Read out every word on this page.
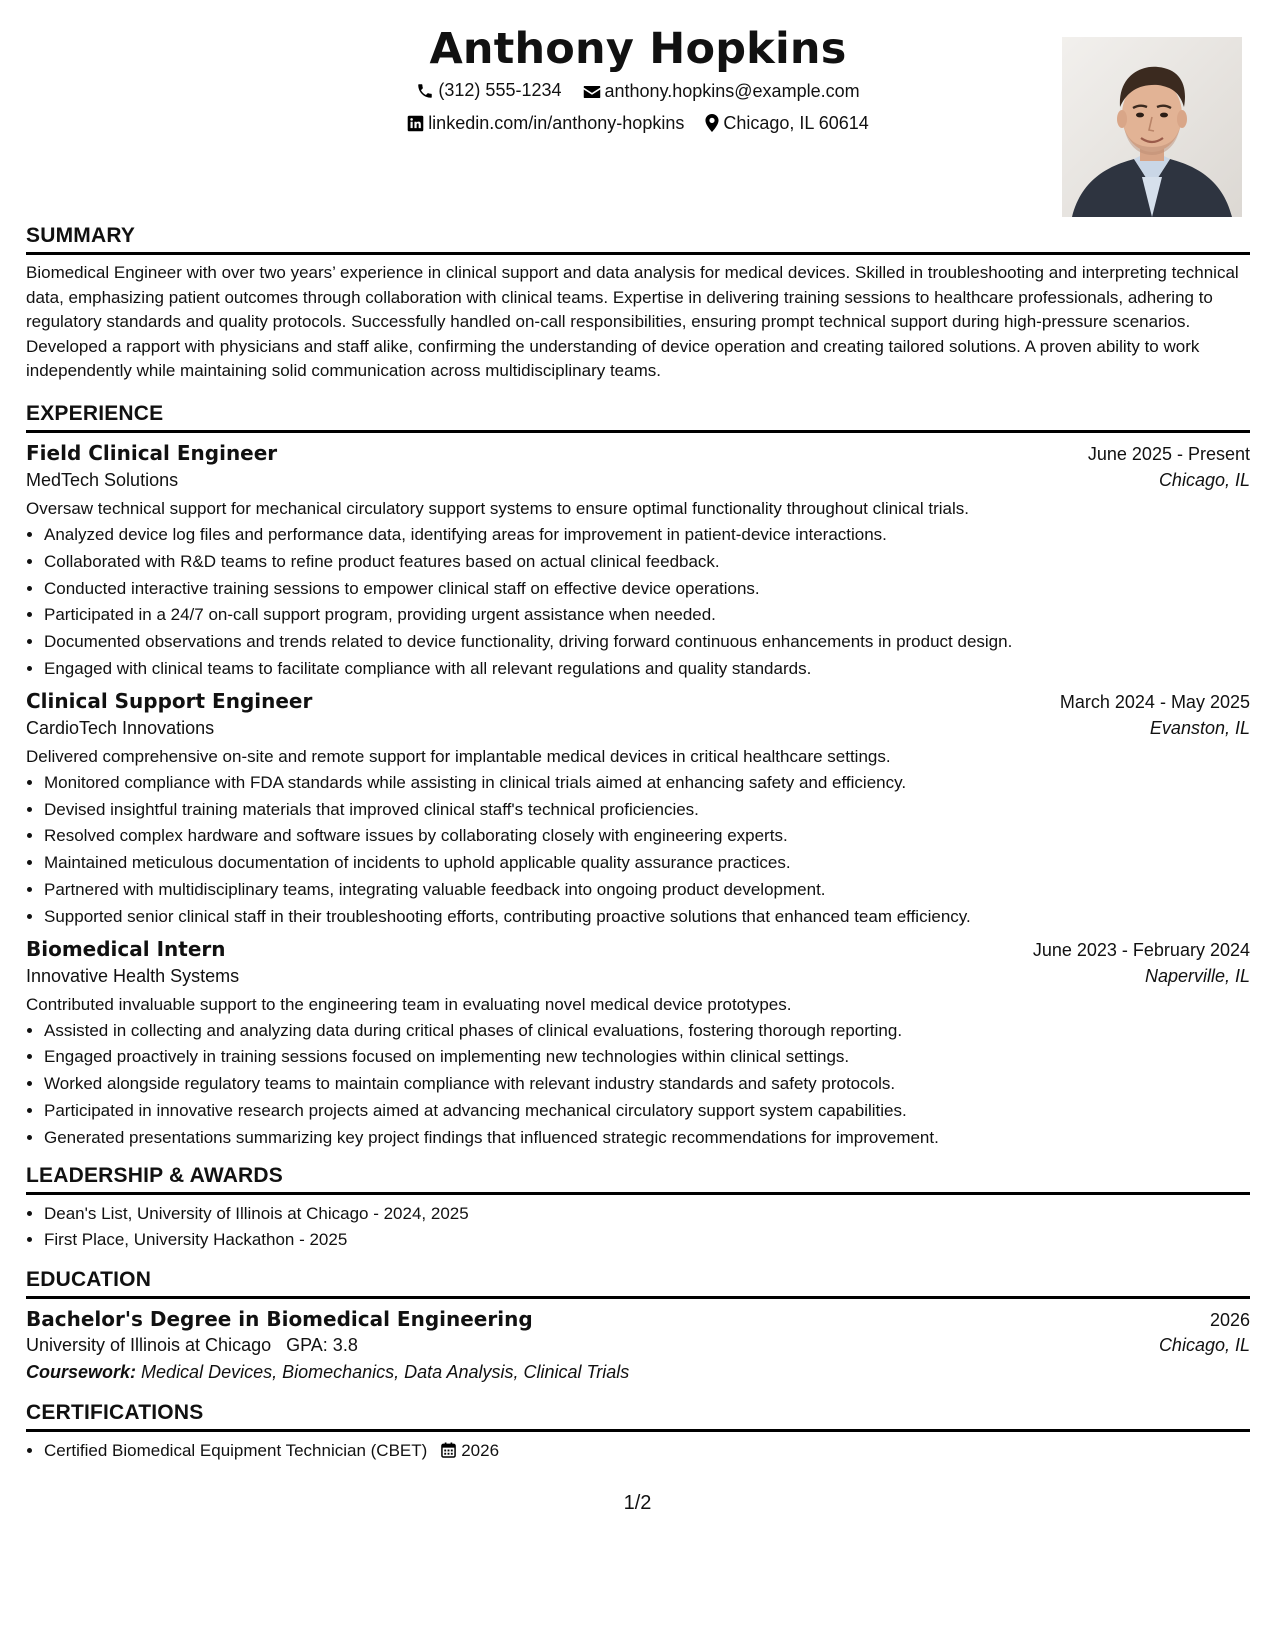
Anthony Hopkins
(312) 555-1234
anthony.hopkins@example.com
linkedin.com/in/anthony-hopkins
Chicago, IL 60614
SUMMARY
Biomedical Engineer with over two years’ experience in clinical support and data analysis for medical devices. Skilled in troubleshooting and interpreting technical data, emphasizing patient outcomes through collaboration with clinical teams. Expertise in delivering training sessions to healthcare professionals, adhering to regulatory standards and quality protocols. Successfully handled on-call responsibilities, ensuring prompt technical support during high-pressure scenarios. Developed a rapport with physicians and staff alike, confirming the understanding of device operation and creating tailored solutions. A proven ability to work independently while maintaining solid communication across multidisciplinary teams.
EXPERIENCE
Field Clinical Engineer	June 2025 - Present
MedTech Solutions	Chicago, IL
Oversaw technical support for mechanical circulatory support systems to ensure optimal functionality throughout clinical trials.
• Analyzed device log files and performance data, identifying areas for improvement in patient-device interactions.
• Collaborated with R&D teams to refine product features based on actual clinical feedback.
• Conducted interactive training sessions to empower clinical staff on effective device operations.
• Participated in a 24/7 on-call support program, providing urgent assistance when needed.
• Documented observations and trends related to device functionality, driving forward continuous enhancements in product design.
• Engaged with clinical teams to facilitate compliance with all relevant regulations and quality standards.
Clinical Support Engineer	March 2024 - May 2025
CardioTech Innovations	Evanston, IL
Delivered comprehensive on-site and remote support for implantable medical devices in critical healthcare settings.
• Monitored compliance with FDA standards while assisting in clinical trials aimed at enhancing safety and efficiency.
• Devised insightful training materials that improved clinical staff's technical proficiencies.
• Resolved complex hardware and software issues by collaborating closely with engineering experts.
• Maintained meticulous documentation of incidents to uphold applicable quality assurance practices.
• Partnered with multidisciplinary teams, integrating valuable feedback into ongoing product development.
• Supported senior clinical staff in their troubleshooting efforts, contributing proactive solutions that enhanced team efficiency.
Biomedical Intern	June 2023 - February 2024
Innovative Health Systems	Naperville, IL
Contributed invaluable support to the engineering team in evaluating novel medical device prototypes.
• Assisted in collecting and analyzing data during critical phases of clinical evaluations, fostering thorough reporting.
• Engaged proactively in training sessions focused on implementing new technologies within clinical settings.
• Worked alongside regulatory teams to maintain compliance with relevant industry standards and safety protocols.
• Participated in innovative research projects aimed at advancing mechanical circulatory support system capabilities.
• Generated presentations summarizing key project findings that influenced strategic recommendations for improvement.
LEADERSHIP & AWARDS
• Dean's List, University of Illinois at Chicago - 2024, 2025
• First Place, University Hackathon - 2025
EDUCATION
Bachelor's Degree in Biomedical Engineering	2026
University of Illinois at Chicago GPA: 3.8	Chicago, IL
Coursework: Medical Devices, Biomechanics, Data Analysis, Clinical Trials
CERTIFICATIONS
• Certified Biomedical Equipment Technician (CBET) 2026
1/2
